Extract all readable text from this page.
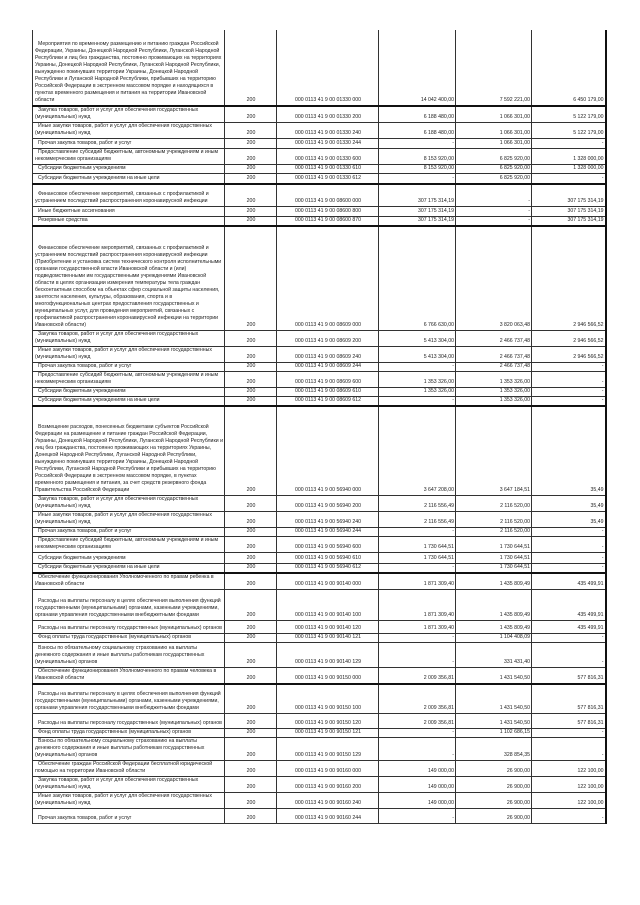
Мероприятия по временному размещению и питанию граждан Российской Федерации, Украины, Донецкой Народной Республики, Луганской Народной Республики и лиц без гражданства, постоянно проживающих на территориях Украины, Донецкой Народной Республики, Луганской Народной Республики, вынужденно покинувших территории Украины, Донецкой Народной Республики и Луганской Народной Республики, прибывших на территорию Российской Федерации в экстренном массовом порядке и находящихся в пунктах временного размещения и питания на территории Ивановской области	200	000 0113 41 9 00 01330 000	14 042 400,00	7 592 221,00	6 450 179,00
Закупка товаров, работ и услуг для обеспечения государственных (муниципальных) нужд	200	000 0113 41 9 00 01330 200	6 188 480,00	1 066 301,00	5 122 179,00
Иные закупки товаров, работ и услуг для обеспечения государственных (муниципальных) нужд	200	000 0113 41 9 00 01330 240	6 188 480,00	1 066 301,00	5 122 179,00
Прочая закупка товаров, работ и услуг	200	000 0113 41 9 00 01330 244	-	1 066 301,00	-
Предоставление субсидий бюджетным, автономным учреждениям и иным некоммерческим организациям	200	000 0113 41 9 00 01330 600	8 153 920,00	6 825 920,00	1 328 000,00
Субсидии бюджетным учреждениям	200	000 0113 41 9 00 01330 610	8 153 920,00	6 825 920,00	1 328 000,00
Субсидии бюджетным учреждениям на иные цели	200	000 0113 41 9 00 01330 612	-	6 825 920,00	-
Финансовое обеспечение мероприятий, связанных с профилактикой и устранением последствий распространения коронавирусной инфекции	200	000 0113 41 9 00 08600 000	307 175 314,19	-	307 175 314,19
Иные бюджетные ассигнования	200	000 0113 41 9 00 08600 800	307 175 314,19	-	307 175 314,19
Резервные средства	200	000 0113 41 9 00 08600 870	307 175 314,19	-	307 175 314,19
Финансовое обеспечение мероприятий, связанных с профилактикой и устранением последствий распространения коронавирусной инфекции (Приобретение и установка систем технического контроля исполнительными органами государственной власти Ивановской области и (или) подведомственными им государственными учреждениями Ивановской области в целях организации измерения температуры тела граждан бесконтактным способом на объектах сфер социальной защиты населения, занятости населения, культуры, образования, спорта и в многофункциональных центрах предоставления государственных и муниципальных услуг, для проведения мероприятий, связанных с профилактикой распространения коронавирусной инфекции на территории Ивановской области)	200	000 0113 41 9 00 08609 000	6 766 630,00	3 820 063,48	2 946 566,52
Закупка товаров, работ и услуг для обеспечения государственных (муниципальных) нужд	200	000 0113 41 9 00 08609 200	5 413 304,00	2 466 737,48	2 946 566,52
Иные закупки товаров, работ и услуг для обеспечения государственных (муниципальных) нужд	200	000 0113 41 9 00 08609 240	5 413 304,00	2 466 737,48	2 946 566,52
Прочая закупка товаров, работ и услуг	200	000 0113 41 9 00 08609 244	-	2 466 737,48	-
Предоставление субсидий бюджетным, автономным учреждениям и иным некоммерческим организациям	200	000 0113 41 9 00 08609 600	1 353 326,00	1 353 326,00	-
Субсидии бюджетным учреждениям	200	000 0113 41 9 00 08609 610	1 353 326,00	1 353 326,00	-
Субсидии бюджетным учреждениям на иные цели	200	000 0113 41 9 00 08609 612	-	1 353 326,00	-
Возмещение расходов, понесенных бюджетами субъектов Российской Федерации на размещение и питание граждан Российской Федерации, Украины, Донецкой Народной Республики, Луганской Народной Республики и лиц без гражданства, постоянно проживающих на территориях Украины, Донецкой Народной Республики, Луганской Народной Республики, вынужденно покинувших территории Украины, Донецкой Народной Республики, Луганской Народной Республики и прибывших на территорию Российской Федерации в экстренном массовом порядке, в пунктах временного размещения и питания, за счет средств резервного фонда Правительства Российской Федерации	200	000 0113 41 9 00 56940 000	3 647 208,00	3 647 184,51	35,49
Закупка товаров, работ и услуг для обеспечения государственных (муниципальных) нужд	200	000 0113 41 9 00 56940 200	2 116 556,49	2 116 520,00	35,49
Иные закупки товаров, работ и услуг для обеспечения государственных (муниципальных) нужд	200	000 0113 41 9 00 56940 240	2 116 556,49	2 116 520,00	35,49
Прочая закупка товаров, работ и услуг	200	000 0113 41 9 00 56940 244	-	2 116 520,00	-
Предоставление субсидий бюджетным, автономным учреждениям и иным некоммерческим организациям	200	000 0113 41 9 00 56940 600	1 730 644,51	1 730 644,51	-
Субсидии бюджетным учреждениям	200	000 0113 41 9 00 56940 610	1 730 644,51	1 730 644,51	-
Субсидии бюджетным учреждениям на иные цели	200	000 0113 41 9 00 56940 612	-	1 730 644,51	-
Обеспечение функционирования Уполномоченного по правам ребенка в Ивановской области	200	000 0113 41 9 00 90140 000	1 871 309,40	1 435 809,49	435 499,91
Расходы на выплаты персоналу в целях обеспечения выполнения функций государственными (муниципальными) органами, казенными учреждениями, органами управления государственными внебюджетными фондами	200	000 0113 41 9 00 90140 100	1 871 309,40	1 435 809,49	435 499,91
Расходы на выплаты персоналу государственных (муниципальных) органов	200	000 0113 41 9 00 90140 120	1 871 309,40	1 435 809,49	435 499,91
Фонд оплаты труда государственных (муниципальных) органов	200	000 0113 41 9 00 90140 121	-	1 104 408,09	-
Взносы по обязательному социальному страхованию на выплаты денежного содержания и иные выплаты работникам государственных (муниципальных) органов	200	000 0113 41 9 00 90140 129	-	331 431,40	-
Обеспечение функционирования Уполномоченного по правам человека в Ивановской области	200	000 0113 41 9 00 90150 000	2 009 356,81	1 431 540,50	577 816,31
Расходы на выплаты персоналу в целях обеспечения выполнения функций государственными (муниципальными) органами, казенными учреждениями, органами управления государственными внебюджетными фондами	200	000 0113 41 9 00 90150 100	2 009 356,81	1 431 540,50	577 816,31
Расходы на выплаты персоналу государственных (муниципальных) органов	200	000 0113 41 9 00 90150 120	2 009 356,81	1 431 540,50	577 816,31
Фонд оплаты труда государственных (муниципальных) органов	200	000 0113 41 9 00 90150 121	-	1 102 686,15	-
Взносы по обязательному социальному страхованию на выплаты денежного содержания и иные выплаты работникам государственных (муниципальных) органов	200	000 0113 41 9 00 90150 129	-	328 854,35	-
Обеспечение граждан Российской Федерации бесплатной юридической помощью на территории Ивановской области	200	000 0113 41 9 00 90160 000	149 000,00	26 900,00	122 100,00
Закупка товаров, работ и услуг для обеспечения государственных (муниципальных) нужд	200	000 0113 41 9 00 90160 200	149 000,00	26 900,00	122 100,00
Иные закупки товаров, работ и услуг для обеспечения государственных (муниципальных) нужд	200	000 0113 41 9 00 90160 240	149 000,00	26 900,00	122 100,00
Прочая закупка товаров, работ и услуг	200	000 0113 41 9 00 90160 244	-	26 900,00	-
